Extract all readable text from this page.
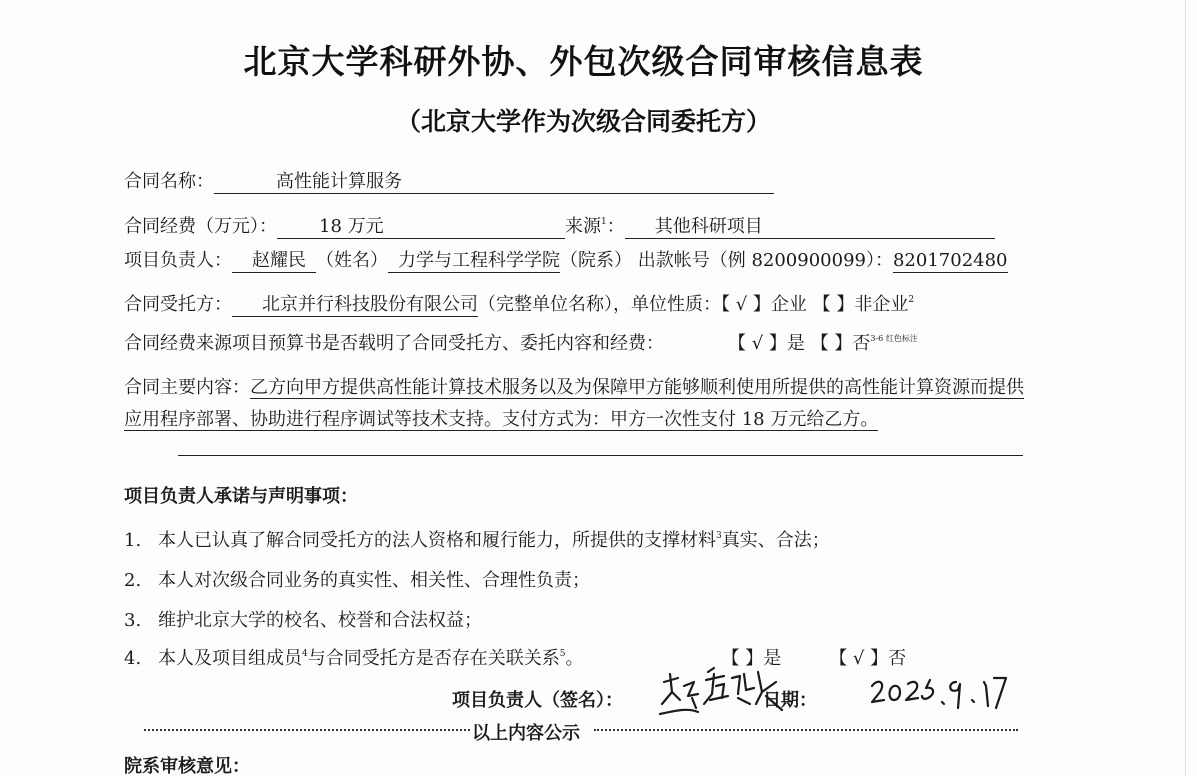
北京大学科研外协、外包次级合同审核信息表
（北京大学作为次级合同委托方）
合同名称：	高性能计算服务
合同经费（万元）： 18 万元	来源$^1$： 其他科研项目
项目负责人： 赵耀民 （姓名） 力学与工程科学学院（院系） 出款帐号（例 8200900099）：8201702480
合同受托方： 北京并行科技股份有限公司（完整单位名称），单位性质：【 √ 】企业 【 】非企业$^2$
合同经费来源项目预算书是否载明了合同受托方、委托内容和经费：	【 √ 】是 【 】否$^{3-6 红色标注}$
合同主要内容：乙方向甲方提供高性能计算技术服务以及为保障甲方能够顺利使用所提供的高性能计算资源而提供应用程序部署、协助进行程序调试等技术支持。支付方式为：甲方一次性支付 18 万元给乙方。
项目负责人承诺与声明事项：
1. 本人已认真了解合同受托方的法人资格和履行能力，所提供的支撑材料$^3$真实、合法；
2. 本人对次级合同业务的真实性、相关性、合理性负责；
3. 维护北京大学的校名、校誉和合法权益；
4. 本人及项目组成员$^4$与合同受托方是否存在关联关系$^5$。	【 】是	【 √ 】否
项目负责人（签名）：	日期：
以上内容公示
院系审核意见：
